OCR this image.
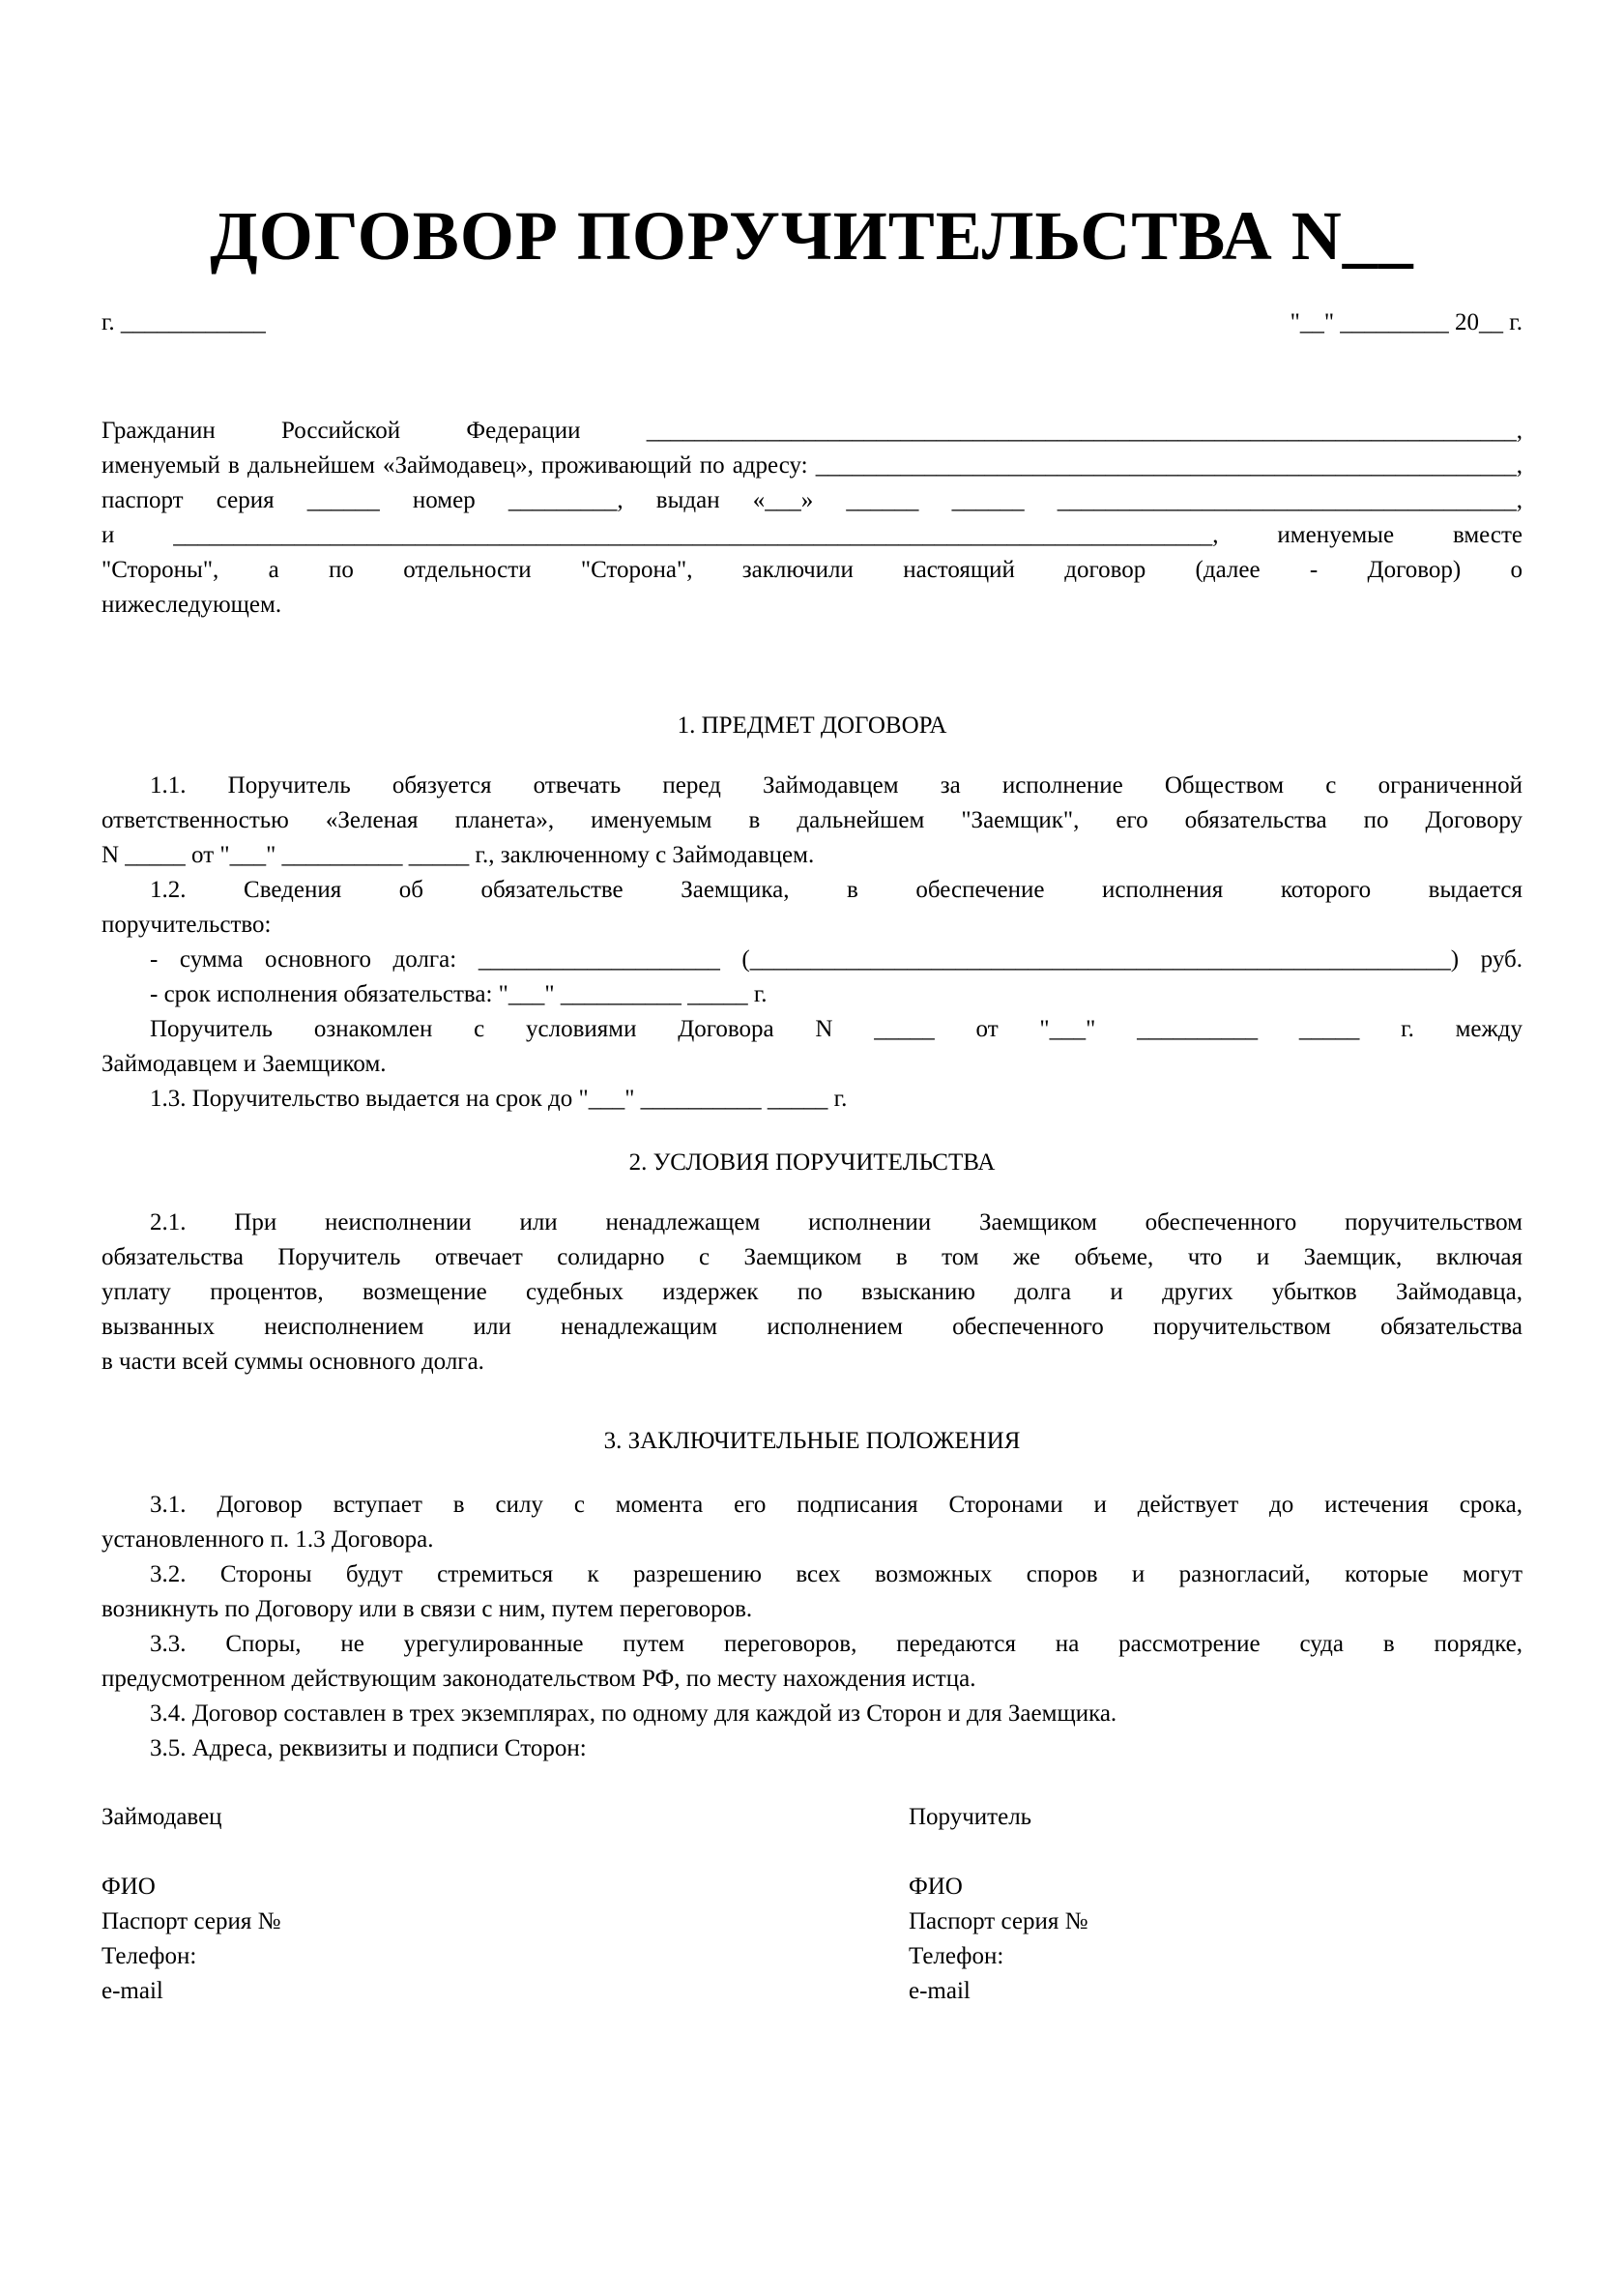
ДОГОВОР ПОРУЧИТЕЛЬСТВА N__
г. ____________	"__" _________ 20__ г.
Гражданин Российской Федерации ________________________________________________________________________,
именуемый в дальнейшем «Займодавец», проживающий по адресу: __________________________________________________________,
паспорт серия ______ номер _________, выдан «___» ______ ______ ______________________________________,
и ______________________________________________________________________________________, именуемые вместе
"Стороны", а по отдельности "Сторона", заключили настоящий договор (далее - Договор) о
нижеследующем.
1. ПРЕДМЕТ ДОГОВОРА
1.1. Поручитель обязуется отвечать перед Займодавцем за исполнение Обществом с ограниченной
ответственностью «Зеленая планета», именуемым в дальнейшем "Заемщик", его обязательства по Договору
N _____ от "___" __________ _____ г., заключенному с Займодавцем.
1.2. Сведения об обязательстве Заемщика, в обеспечение исполнения которого выдается
поручительство:
- сумма основного долга: ____________________ (__________________________________________________________) руб.
- срок исполнения обязательства: "___" __________ _____ г.
Поручитель ознакомлен с условиями Договора N _____ от "___" __________ _____ г. между
Займодавцем и Заемщиком.
1.3. Поручительство выдается на срок до "___" __________ _____ г.
2. УСЛОВИЯ ПОРУЧИТЕЛЬСТВА
2.1. При неисполнении или ненадлежащем исполнении Заемщиком обеспеченного поручительством
обязательства Поручитель отвечает солидарно с Заемщиком в том же объеме, что и Заемщик, включая
уплату процентов, возмещение судебных издержек по взысканию долга и других убытков Займодавца,
вызванных неисполнением или ненадлежащим исполнением обеспеченного поручительством обязательства
в части всей суммы основного долга.
3. ЗАКЛЮЧИТЕЛЬНЫЕ ПОЛОЖЕНИЯ
3.1. Договор вступает в силу с момента его подписания Сторонами и действует до истечения срока,
установленного п. 1.3 Договора.
3.2. Стороны будут стремиться к разрешению всех возможных споров и разногласий, которые могут
возникнуть по Договору или в связи с ним, путем переговоров.
3.3. Споры, не урегулированные путем переговоров, передаются на рассмотрение суда в порядке,
предусмотренном действующим законодательством РФ, по месту нахождения истца.
3.4. Договор составлен в трех экземплярах, по одному для каждой из Сторон и для Заемщика.
3.5. Адреса, реквизиты и подписи Сторон:
Займодавец
ФИО
Паспорт серия №
Телефон:
e-mail
Поручитель
ФИО
Паспорт серия №
Телефон:
e-mail
